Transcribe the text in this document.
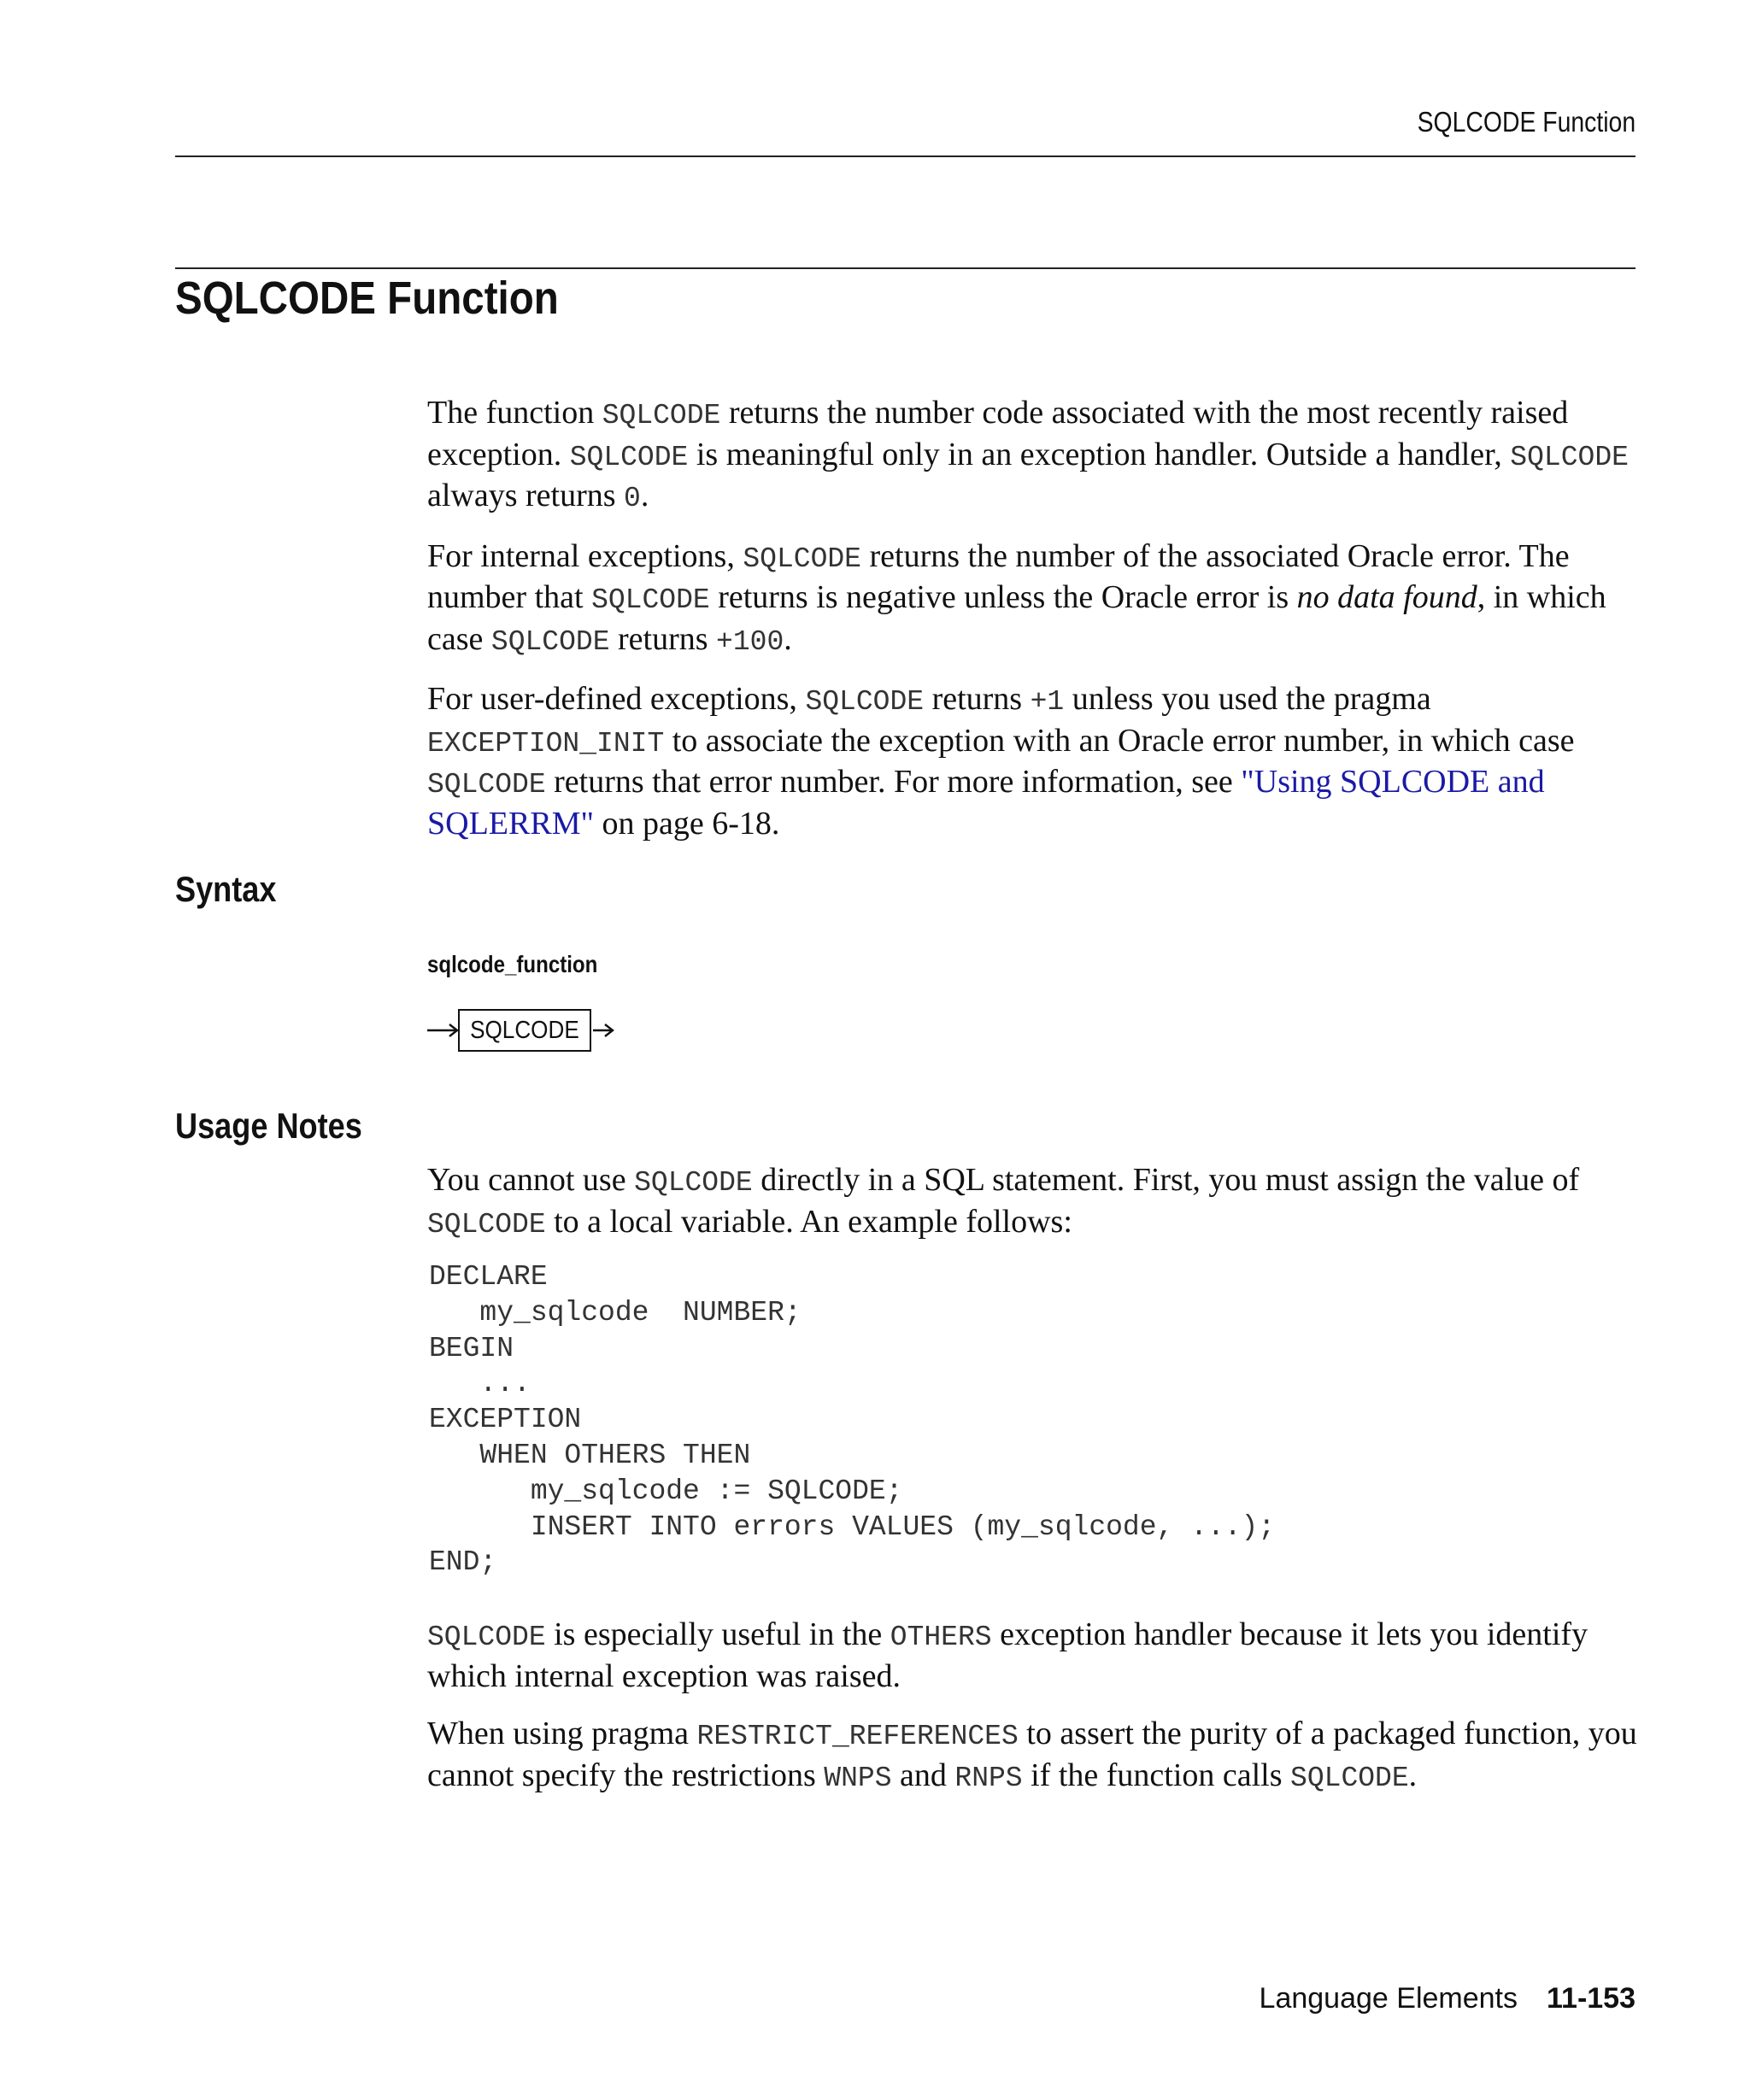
SQLCODE Function
SQLCODE Function

The function SQLCODE returns the number code associated with the most recently raised exception. SQLCODE is meaningful only in an exception handler. Outside a handler, SQLCODE always returns 0.

For internal exceptions, SQLCODE returns the number of the associated Oracle error. The number that SQLCODE returns is negative unless the Oracle error is no data found, in which case SQLCODE returns +100.

For user-defined exceptions, SQLCODE returns +1 unless you used the pragma EXCEPTION_INIT to associate the exception with an Oracle error number, in which case SQLCODE returns that error number. For more information, see "Using SQLCODE and SQLERRM" on page 6-18.

Syntax
sqlcode_function
SQLCODE
Usage Notes

You cannot use SQLCODE directly in a SQL statement. First, you must assign the value of SQLCODE to a local variable. An example follows:

DECLARE
my_sqlcode  NUMBER;
BEGIN
...
EXCEPTION
WHEN OTHERS THEN
my_sqlcode := SQLCODE;
INSERT INTO errors VALUES (my_sqlcode, ...);
END;

SQLCODE is especially useful in the OTHERS exception handler because it lets you identify which internal exception was raised.

When using pragma RESTRICT_REFERENCES to assert the purity of a packaged function, you cannot specify the restrictions WNPS and RNPS if the function calls SQLCODE.

Language Elements 11-153
